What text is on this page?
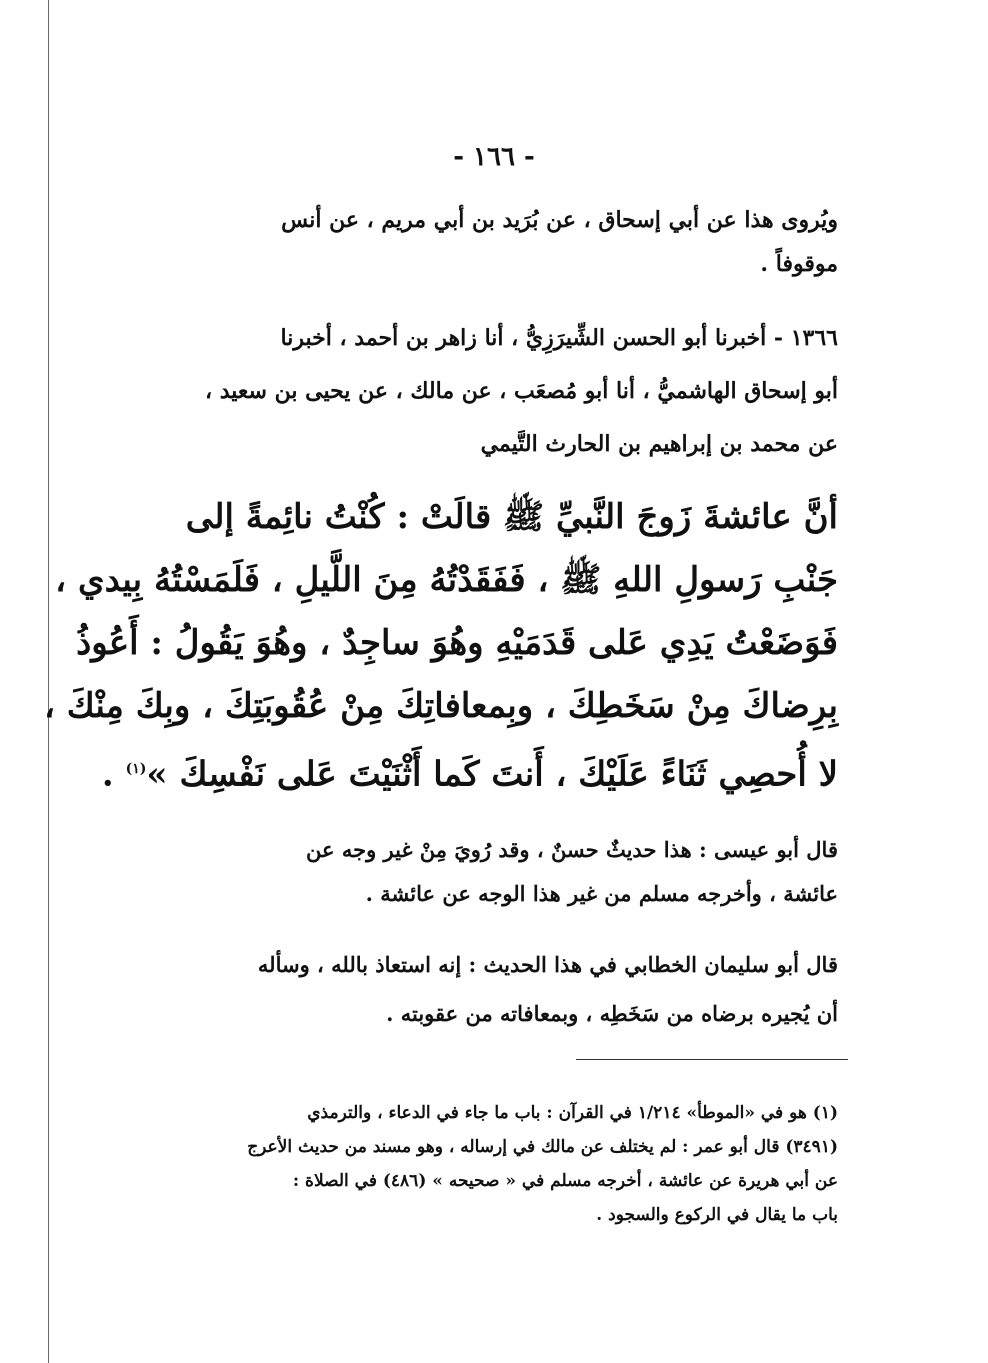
- ١٦٦ -
ويُروى هذا عن أبي إسحاق ، عن بُرَيد بن أبي مريم ، عن أنس
موقوفاً .
١٣٦٦ - أخبرنا أبو الحسن الشِّيرَزِيُّ ، أنا زاهر بن أحمد ، أخبرنا
أبو إسحاق الهاشميُّ ، أنا أبو مُصعَب ، عن مالك ، عن يحيى بن سعيد ،
عن محمد بن إبراهيم بن الحارث التَّيمي
أنَّ عائشةَ زَوجَ النَّبيِّ ﷺ قالَتْ : كُنْتُ نائِمةً إلى
جَنْبِ رَسولِ اللهِ ﷺ ، فَفَقَدْتُهُ مِنَ اللَّيلِ ، فَلَمَسْتُهُ بِيدي ،
فَوَضَعْتُ يَدِي عَلى قَدَمَيْهِ وهُوَ ساجِدٌ ، وهُوَ يَقُولُ : أَعُوذُ
بِرِضاكَ مِنْ سَخَطِكَ ، وبِمعافاتِكَ مِنْ عُقُوبَتِكَ ، وبِكَ مِنْكَ ،
لا أُحصِي ثَنَاءً عَلَيْكَ ، أَنتَ كَما أَثْنَيْتَ عَلى نَفْسِكَ »$^{(١)}$ .
قال أبو عيسى : هذا حديثٌ حسنٌ ، وقد رُويَ مِنْ غير وجه عن
عائشة ، وأخرجه مسلم من غير هذا الوجه عن عائشة .
قال أبو سليمان الخطابي في هذا الحديث : إنه استعاذ بالله ، وسأله
أن يُجيره برضاه من سَخَطِه ، وبمعافاته من عقوبته .
(١) هو في «الموطأ» ١/٢١٤ في القرآن : باب ما جاء في الدعاء ، والترمذي
(٣٤٩١) قال أبو عمر : لم يختلف عن مالك في إرساله ، وهو مسند من حديث الأعرج
عن أبي هريرة عن عائشة ، أخرجه مسلم في « صحيحه » (٤٨٦) في الصلاة :
باب ما يقال في الركوع والسجود .
